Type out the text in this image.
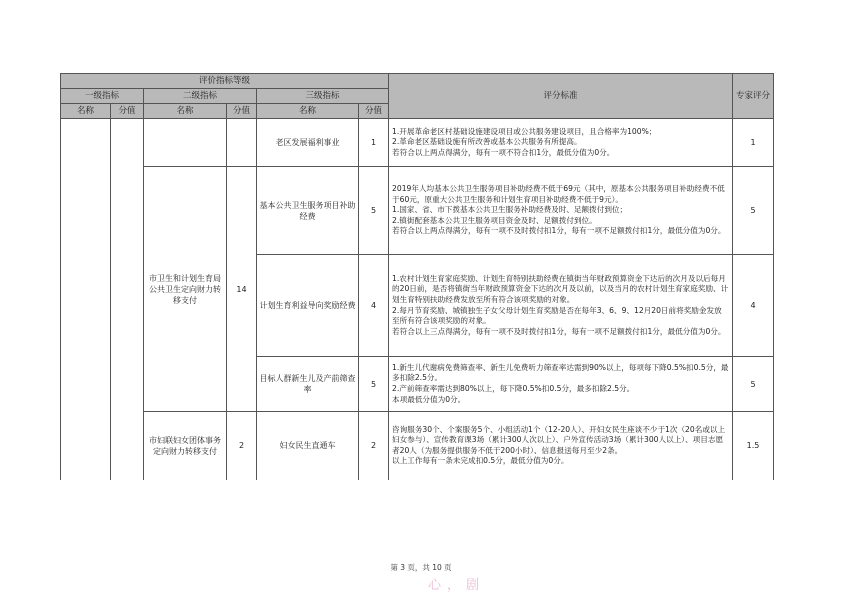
评价指标等级						评分标准	专家评分
一级指标		二级指标		三级指标			
名称	分值	名称	分值	名称	分值		
				老区发展福利事业	1	1.开展革命老区村基础设施建设项目或公共服务建设项目，且合格率为100%；
2.革命老区基础设施有所改善或基本公共服务有所提高。
若符合以上两点得满分，每有一项不符合扣1分，最低分值为0分。	1
		市卫生和计划生育局公共卫生定向财力转移支付	14	基本公共卫生服务项目补助经费	5	2019年人均基本公共卫生服务项目补助经费不低于69元（其中，原基本公共服务项目补助经费不低于60元，原重大公共卫生服务和计划生育项目补助经费不低于9元）。
1.国家、省、市下拨基本公共卫生服务补助经费及时、足额拨付到位；
2.镇街配套基本公共卫生服务项目资金及时、足额拨付到位。
若符合以上两点得满分，每有一项不及时拨付扣1分，每有一项不足额拨付扣1分，最低分值为0分。	5
				计划生育利益导向奖励经费	4	1.农村计划生育家庭奖励、计划生育特别扶助经费在镇街当年财政预算资金下达后的次月及以后每月的20日前，是否将镇街当年财政预算资金下达的次月及以前，以及当月的农村计划生育家庭奖励、计划生育特别扶助经费发放至所有符合该项奖励的对象。
2.每月节育奖励、城镇独生子女父母计划生育奖励是否在每年3、6、9、12月20日前将奖励金发放至所有符合该项奖励的对象。
若符合以上三点得满分，每有一项不及时拨付扣1分，每有一项不足额拨付扣1分，最低分值为0分。	4
				目标人群新生儿及产前筛查率	5	1.新生儿代谢病免费筛查率、新生儿免费听力筛查率达需到90%以上，每项每下降0.5%扣0.5分，最多扣除2.5分。
2.产前筛查率需达到80%以上，每下降0.5%扣0.5分，最多扣除2.5分。
本项最低分值为0分。	5
		市妇联妇女团体事务定向财力转移支付	2	妇女民生直通车	2	咨询服务30个、个案服务5个、小组活动1个（12-20人）、开妇女民生座谈不少于1次（20名或以上妇女参与）、宣传教育课3场（累计300人次以上）、户外宣传活动3场（累计300人以上）、项目志愿者20人（为服务提供服务不低于200小时）、信息报送每月至少2条。
以上工作每有一条未完成扣0.5分，最低分值为0分。	1.5
第 3 页，共 10 页
心，剧
